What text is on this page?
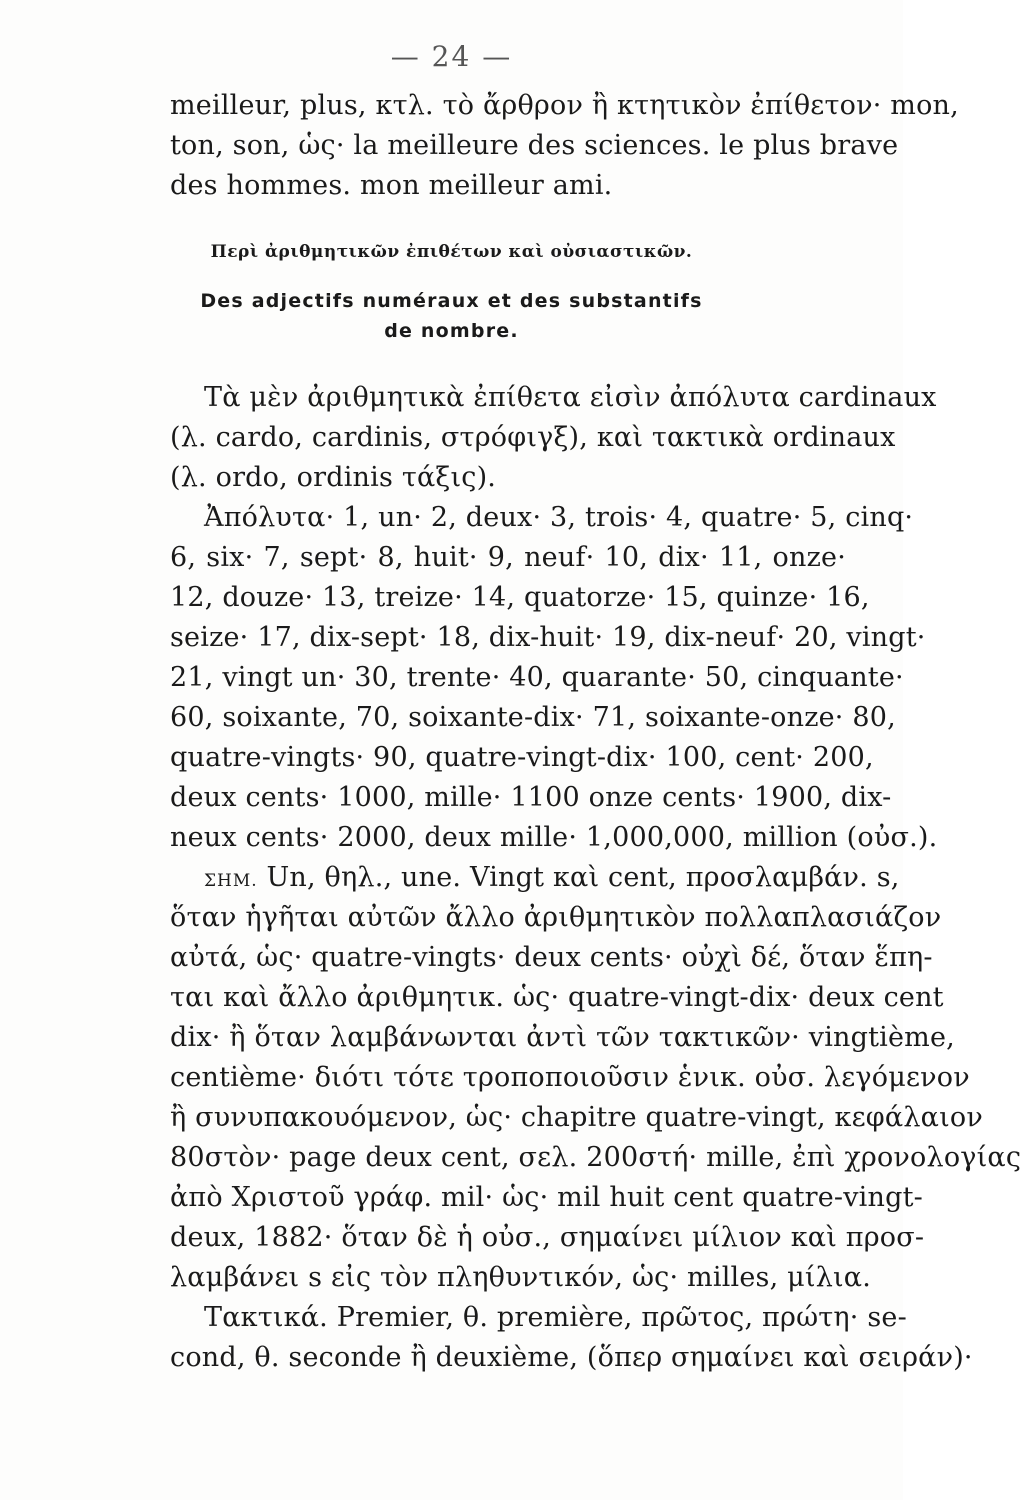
— 24 —
meilleur, plus, κτλ. τὸ ἄρθρον ἢ κτητικὸν ἐπίθετον· mon,
ton, son, ὡς· la meilleure des sciences. le plus brave
des hommes. mon meilleur ami.
Περὶ ἀριθμητικῶν ἐπιθέτων καὶ οὐσιαστικῶν.
Des adjectifs numéraux et des substantifs
de nombre.
Τὰ μὲν ἀριθμητικὰ ἐπίθετα εἰσὶν ἀπόλυτα cardinaux
(λ. cardo, cardinis, στρόφιγξ), καὶ τακτικὰ ordinaux
(λ. ordo, ordinis τάξις).
Ἀπόλυτα· 1, un· 2, deux· 3, trois· 4, quatre· 5, cinq·
6, six· 7, sept· 8, huit· 9, neuf· 10, dix· 11, onze·
12, douze· 13, treize· 14, quatorze· 15, quinze· 16,
seize· 17, dix-sept· 18, dix-huit· 19, dix-neuf· 20, vingt·
21, vingt un· 30, trente· 40, quarante· 50, cinquante·
60, soixante, 70, soixante-dix· 71, soixante-onze· 80,
quatre-vingts· 90, quatre-vingt-dix· 100, cent· 200,
deux cents· 1000, mille· 1100 onze cents· 1900, dix-
neux cents· 2000, deux mille· 1,000,000, million (οὐσ.).
ΣΗΜ. Un, θηλ., une. Vingt καὶ cent, προσλαμβάν. s,
ὅταν ἡγῆται αὐτῶν ἄλλο ἀριθμητικὸν πολλαπλασιάζον
αὐτά, ὡς· quatre-vingts· deux cents· οὐχὶ δέ, ὅταν ἕπη-
ται καὶ ἄλλο ἀριθμητικ. ὡς· quatre-vingt-dix· deux cent
dix· ἢ ὅταν λαμβάνωνται ἀντὶ τῶν τακτικῶν· vingtième,
centième· διότι τότε τροποποιοῦσιν ἑνικ. οὐσ. λεγόμενον
ἢ συνυπακουόμενον, ὡς· chapitre quatre-vingt, κεφάλαιον
80στὸν· page deux cent, σελ. 200στή· mille, ἐπὶ χρονολογίας
ἀπὸ Χριστοῦ γράφ. mil· ὡς· mil huit cent quatre-vingt-
deux, 1882· ὅταν δὲ ἡ οὐσ., σημαίνει μίλιον καὶ προσ-
λαμβάνει s εἰς τὸν πληθυντικόν, ὡς· milles, μίλια.
Τακτικά. Premier, θ. première, πρῶτος, πρώτη· se-
cond, θ. seconde ἢ deuxième, (ὅπερ σημαίνει καὶ σειράν)·
